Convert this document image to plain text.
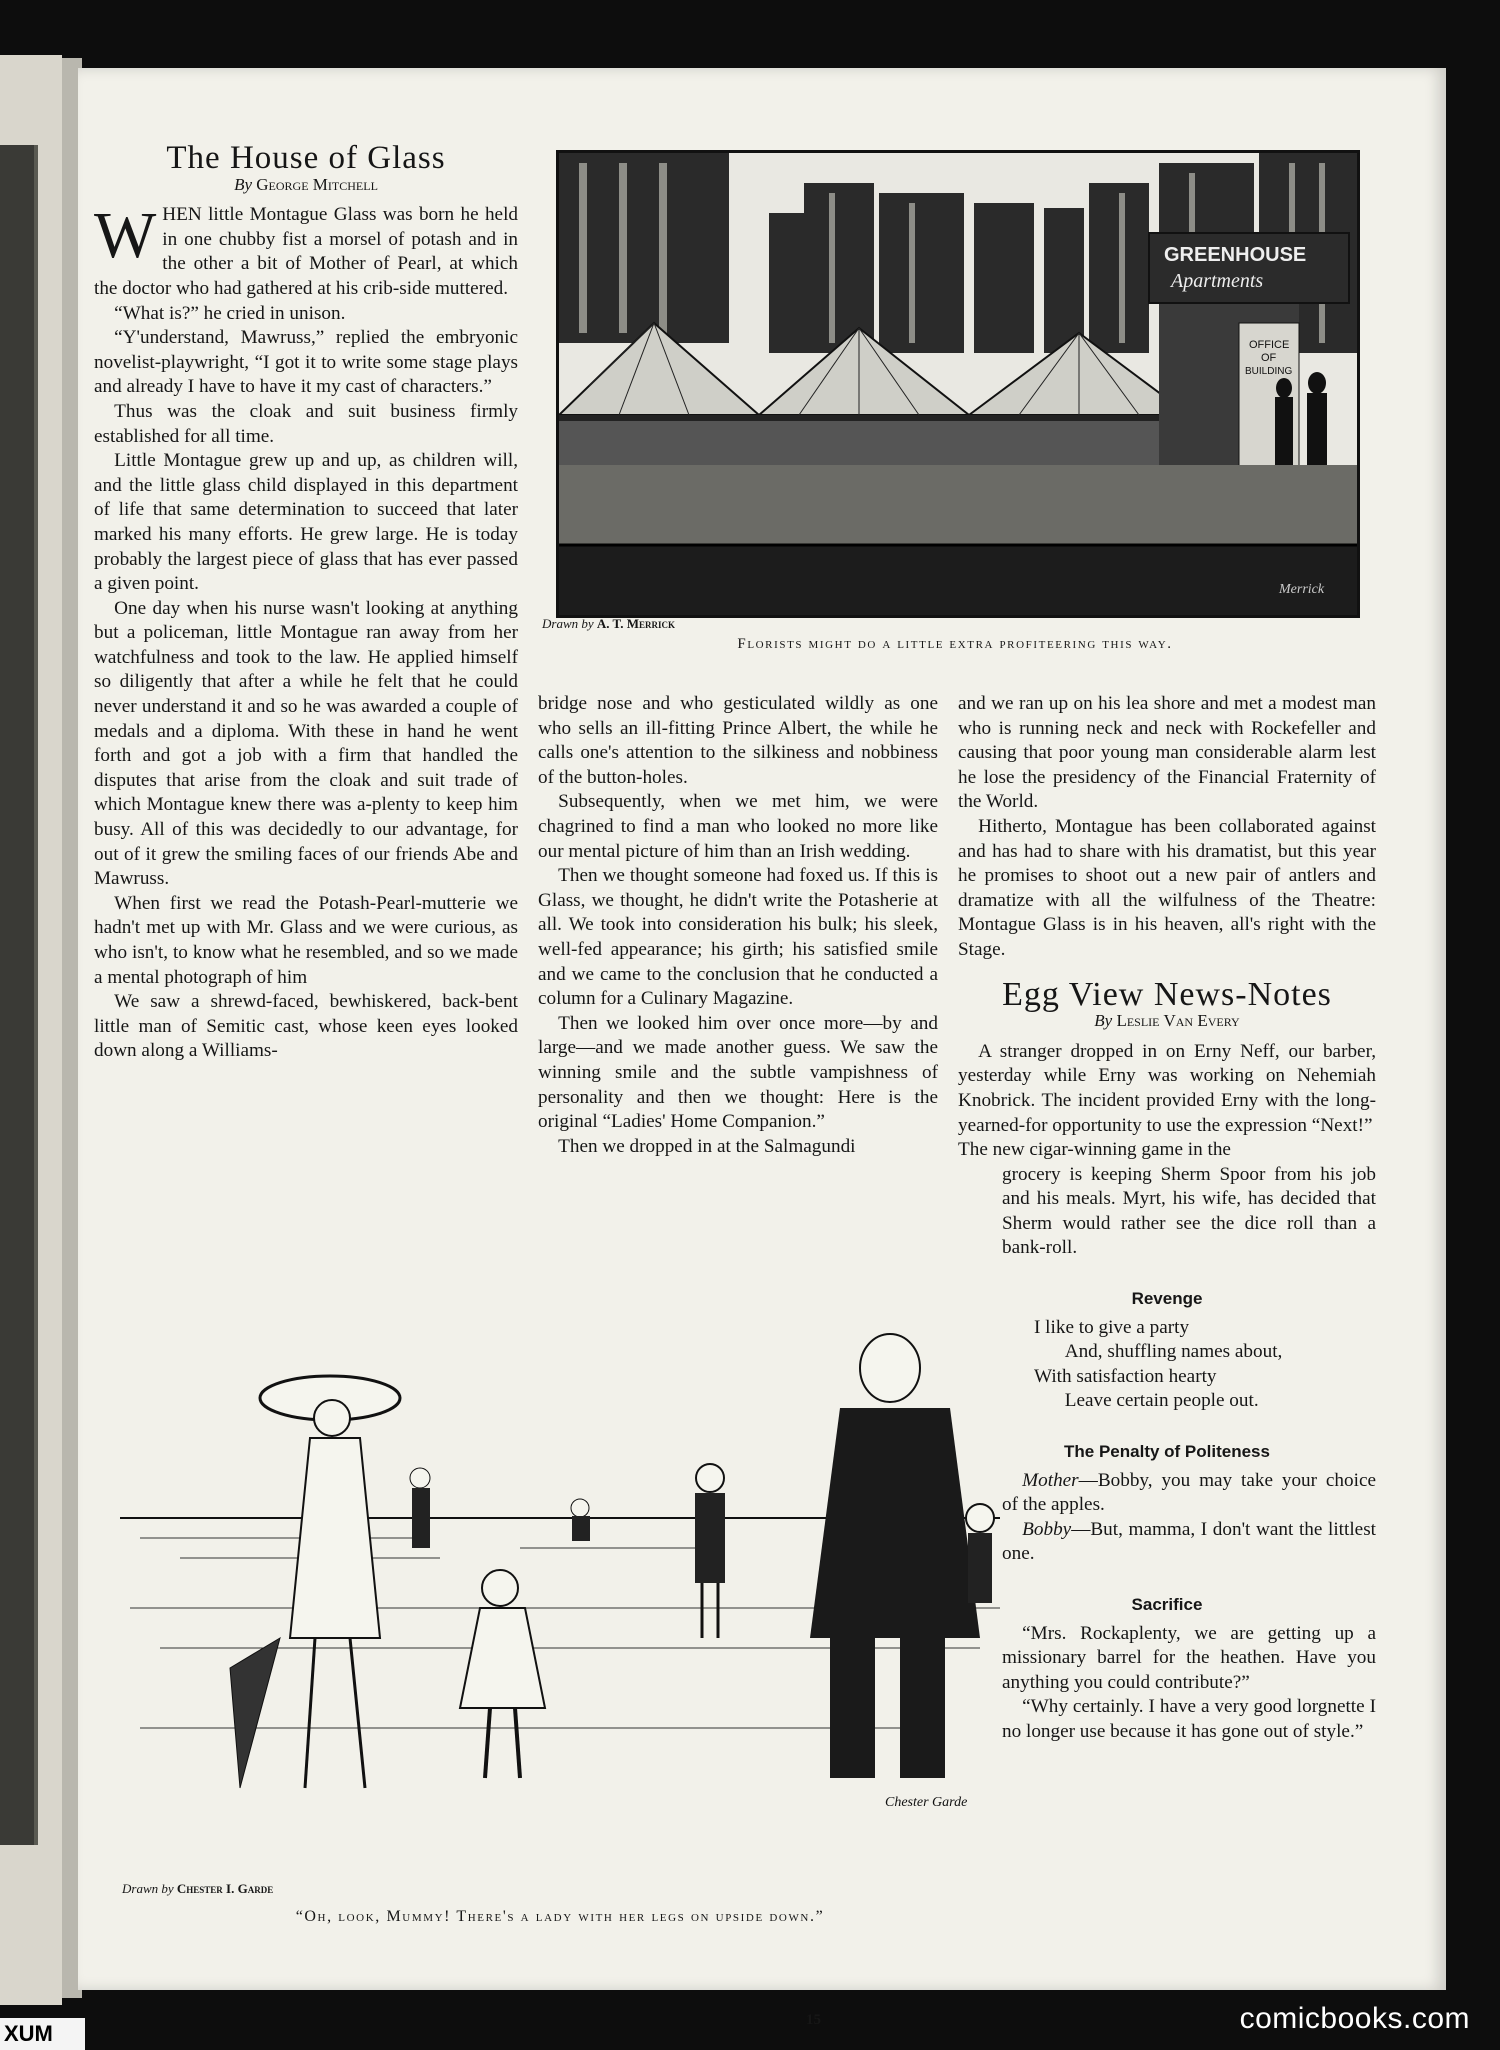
The House of Glass
By George Mitchell

WHEN little Montague Glass was born he held in one chubby fist a morsel of potash and in the other a bit of Mother of Pearl, at which the doctor who had gathered at his crib-side muttered.

“What is?” he cried in unison.

“Y'understand, Mawruss,” replied the embryonic novelist-playwright, “I got it to write some stage plays and already I have to have it my cast of characters.”

Thus was the cloak and suit business firmly established for all time.

Little Montague grew up and up, as children will, and the little glass child displayed in this department of life that same determination to succeed that later marked his many efforts. He grew large. He is today probably the largest piece of glass that has ever passed a given point.

One day when his nurse wasn't looking at anything but a policeman, little Montague ran away from her watchfulness and took to the law. He applied himself so diligently that after a while he felt that he could never understand it and so he was awarded a couple of medals and a diploma. With these in hand he went forth and got a job with a firm that handled the disputes that arise from the cloak and suit trade of which Montague knew there was a-plenty to keep him busy. All of this was decidedly to our advantage, for out of it grew the smiling faces of our friends Abe and Mawruss.

When first we read the Potash-Pearl-mutterie we hadn't met up with Mr. Glass and we were curious, as who isn't, to know what he resembled, and so we made a mental photograph of him

We saw a shrewd-faced, bewhiskered, back-bent little man of Semitic cast, whose keen eyes looked down along a Williams-

OFFICE
OF
BUILDING
GREENHOUSE
Apartments
Merrick
Drawn by A. T. Merrick
Florists might do a little extra profiteering this way.

bridge nose and who gesticulated wildly as one who sells an ill-fitting Prince Albert, the while he calls one's attention to the silkiness and nobbiness of the button-holes.

Subsequently, when we met him, we were chagrined to find a man who looked no more like our mental picture of him than an Irish wedding.

Then we thought someone had foxed us. If this is Glass, we thought, he didn't write the Potasherie at all. We took into consideration his bulk; his sleek, well-fed appearance; his girth; his satisfied smile and we came to the conclusion that he conducted a column for a Culinary Magazine.

Then we looked him over once more—by and large—and we made another guess. We saw the winning smile and the subtle vampishness of personality and then we thought: Here is the original “Ladies' Home Companion.”

Then we dropped in at the Salmagundi

and we ran up on his lea shore and met a modest man who is running neck and neck with Rockefeller and causing that poor young man considerable alarm lest he lose the presidency of the Financial Fraternity of the World.

Hitherto, Montague has been collaborated against and has had to share with his dramatist, but this year he promises to shoot out a new pair of antlers and dramatize with all the wilfulness of the Theatre: Montague Glass is in his heaven, all's right with the Stage.

Egg View News-Notes
By Leslie Van Every

A stranger dropped in on Erny Neff, our barber, yesterday while Erny was working on Nehemiah Knobrick. The incident provided Erny with the long-yearned-for opportunity to use the expression “Next!”

The new cigar-winning game in the
grocery is keeping Sherm Spoor from his job and his meals. Myrt, his wife, has decided that Sherm would rather see the dice roll than a bank-roll.

Revenge
I like to give a party
And, shuffling names about,
With satisfaction hearty
Leave certain people out.
The Penalty of Politeness

Mother—Bobby, you may take your choice of the apples.

Bobby—But, mamma, I don't want the littlest one.

Sacrifice

“Mrs. Rockaplenty, we are getting up a missionary barrel for the heathen. Have you anything you could contribute?”

“Why certainly. I have a very good lorgnette I no longer use because it has gone out of style.”

Chester Garde
Drawn by Chester I. Garde
“Oh, look, Mummy! There's a lady with her legs on upside down.”
15	comicbooks.com
XUM
